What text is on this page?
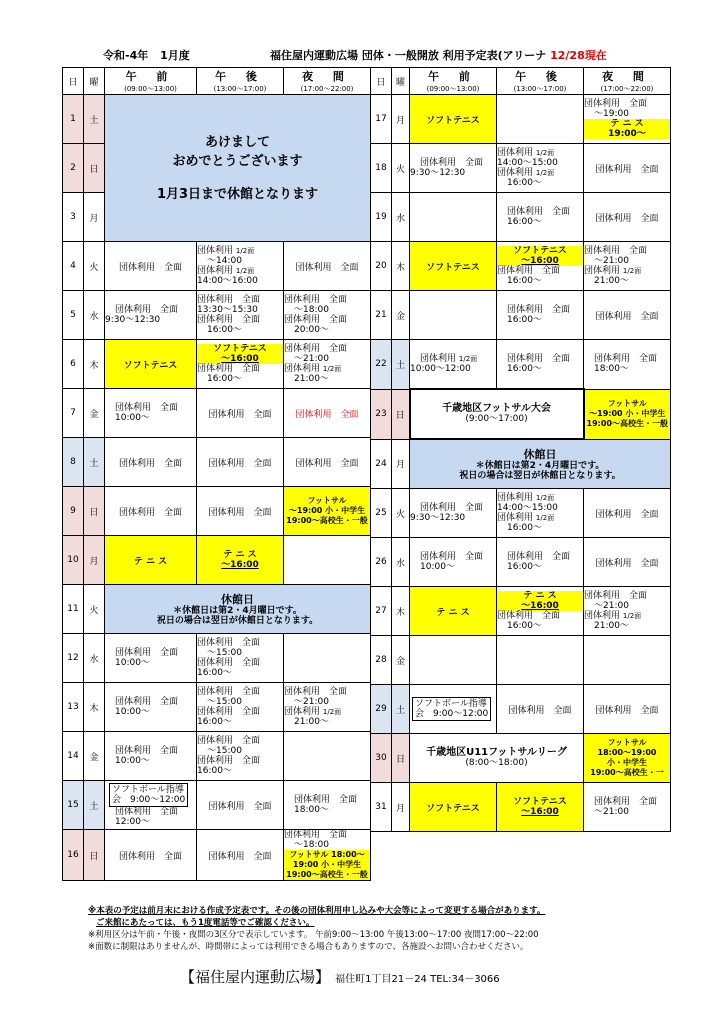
令和-4年 1月度	福住屋内運動広場 団体・一般開放 利用予定表(アリーナ 12/28現在
日	曜	午 前
(09:00～13:00)	午 後
(13:00～17:00)	夜 間
(17:00～22:00)

1	土	あけまして
おめでとうございます
1月3日まで休館となります		

2	日			
3	月			
4	火	団体利用　 全面	団体利用 1/2面
～14:00
団体利用 1/2面
14:00～16:00	団体利用　 全面
5	水	団体利用　 全面
9:30～12:30	団体利用　 全面
13:30～15:30
団体利用　 全面
16:00～	団体利用　 全面
～18:00
団体利用　 全面
20:00～

6	木	ソフトテニス	ソフトテニス
～16:00
団体利用　 全面
16:00～	団体利用　 全面
～21:00
団体利用 1/2面
21:00～

7	金	団体利用　 全面
10:00～	団体利用　 全面	団体利用　 全面
8	土	団体利用　 全面	団体利用　 全面	団体利用　 全面
9	日	団体利用　 全面	団体利用　 全面	フットサル
～19:00 小・中学生
19:00～高校生・一般

10	月	テ ニ ス	テ ニ ス
～16:00	

11	火	休館日
＊休館日は第2・4月曜日です。
祝日の場合は翌日が休館日となります。		

12	水	団体利用　 全面
10:00～	団体利用　 全面
～15:00
団体利用　 全面
16:00～	

13	木	団体利用　 全面
10:00～	団体利用　 全面
～15:00
団体利用　 全面
16:00～	団体利用　 全面
～21:00
団体利用 1/2面
21:00～

14	金	団体利用　 全面
10:00～	団体利用　 全面
～15:00
団体利用　 全面
16:00～	

15	土	ソフトボール指導
会　 9:00～12:00
団体利用　 全面
12:00～	団体利用　 全面	団体利用　 全面
18:00～

16	日	団体利用　 全面	団体利用　 全面	団体利用　 全面
～18:00
フットサル 18:00～
19:00 小・中学生
19:00～高校生・一般
日	曜	午 前
(09:00～13:00)	午 後
(13:00～17:00)	夜 間
(17:00～22:00)

17	月	ソフトテニス		団体利用　 全面
～19:00
テ ニ ス
19:00～

18	火	団体利用　 全面
9:30～12:30	団体利用 1/2面
14:00～15:00
団体利用 1/2面
16:00～	団体利用　 全面
19	水		団体利用　 全面
16:00～	団体利用　 全面
20	木	ソフトテニス	ソフトテニス
～16:00
団体利用　 全面
16:00～	団体利用　 全面
～21:00
団体利用 1/2面
21:00～

21	金		団体利用　 全面
16:00～	団体利用　 全面
22	土	団体利用 1/2面
10:00～12:00	団体利用　 全面
16:00～	団体利用　 全面
18:00～

23	日	千歳地区フットサル大会
(9:00～17:00)		フットサル
～19:00 小・中学生
19:00～高校生・一般

24	月	休館日
＊休館日は第2・4月曜日です。
祝日の場合は翌日が休館日となります。		

25	火	団体利用　 全面
9:30～12:30	団体利用 1/2面
14:00～15:00
団体利用 1/2面
16:00～	団体利用　 全面
26	水	団体利用　 全面
10:00～	団体利用　 全面
16:00～	団体利用　 全面
27	木	テ ニ ス	テ ニ ス
～16:00
団体利用　 全面
16:00～	団体利用　 全面
～21:00
団体利用 1/2面
21:00～

28	金			
29	土	ソフトボール指導
会　 9:00～12:00	団体利用　 全面	団体利用　 全面
30	日	千歳地区U11フットサルリーグ
(8:00～18:00)		フットサル
18:00～19:00
小・中学生
19:00～高校生・一

31	月	ソフトテニス	ソフトテニス
～16:00	団体利用　 全面
～21:00
※本表の予定は前月末における作成予定表です。その後の団体利用申し込みや大会等によって変更する場合があります。
ご来館にあたっては、もう1度電話等でご確認ください。
※利用区分は午前・午後・夜間の3区分で表示しています。 午前9:00～13:00 午後13:00～17:00 夜間17:00～22:00
※面数に制限はありませんが、時間帯によっては利用できる場合もありますので、各施設へお問い合わせください。
【福住屋内運動広場】 福住町1丁目21－24 TEL:34－3066
